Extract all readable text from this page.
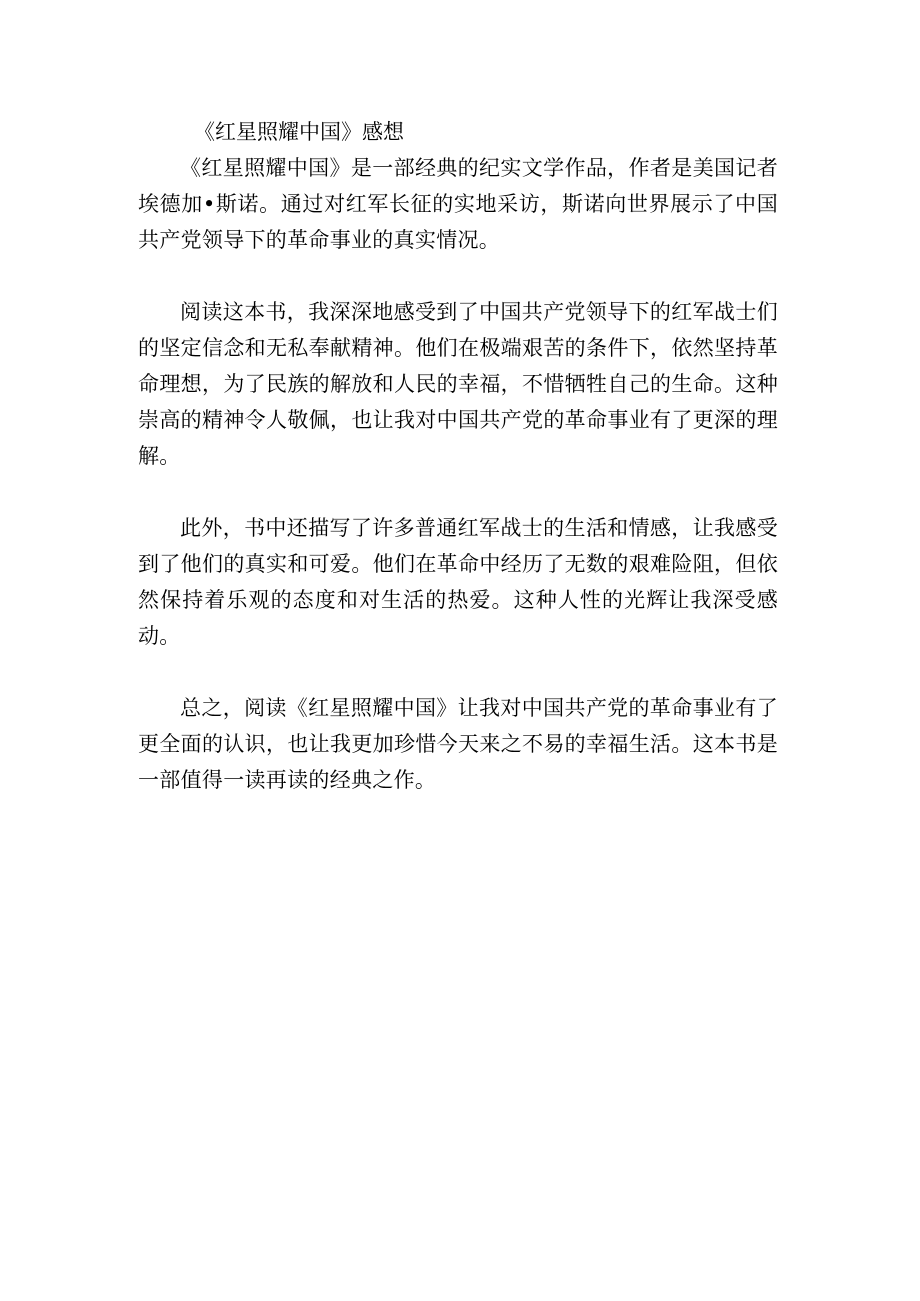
《红星照耀中国》感想

《红星照耀中国》是一部经典的纪实文学作品，作者是美国记者埃德加•斯诺。通过对红军长征的实地采访，斯诺向世界展示了中国共产党领导下的革命事业的真实情况。

阅读这本书，我深深地感受到了中国共产党领导下的红军战士们的坚定信念和无私奉献精神。他们在极端艰苦的条件下，依然坚持革命理想，为了民族的解放和人民的幸福，不惜牺牲自己的生命。这种崇高的精神令人敬佩，也让我对中国共产党的革命事业有了更深的理解。

此外，书中还描写了许多普通红军战士的生活和情感，让我感受到了他们的真实和可爱。他们在革命中经历了无数的艰难险阻，但依然保持着乐观的态度和对生活的热爱。这种人性的光辉让我深受感动。

总之，阅读《红星照耀中国》让我对中国共产党的革命事业有了更全面的认识，也让我更加珍惜今天来之不易的幸福生活。这本书是一部值得一读再读的经典之作。
